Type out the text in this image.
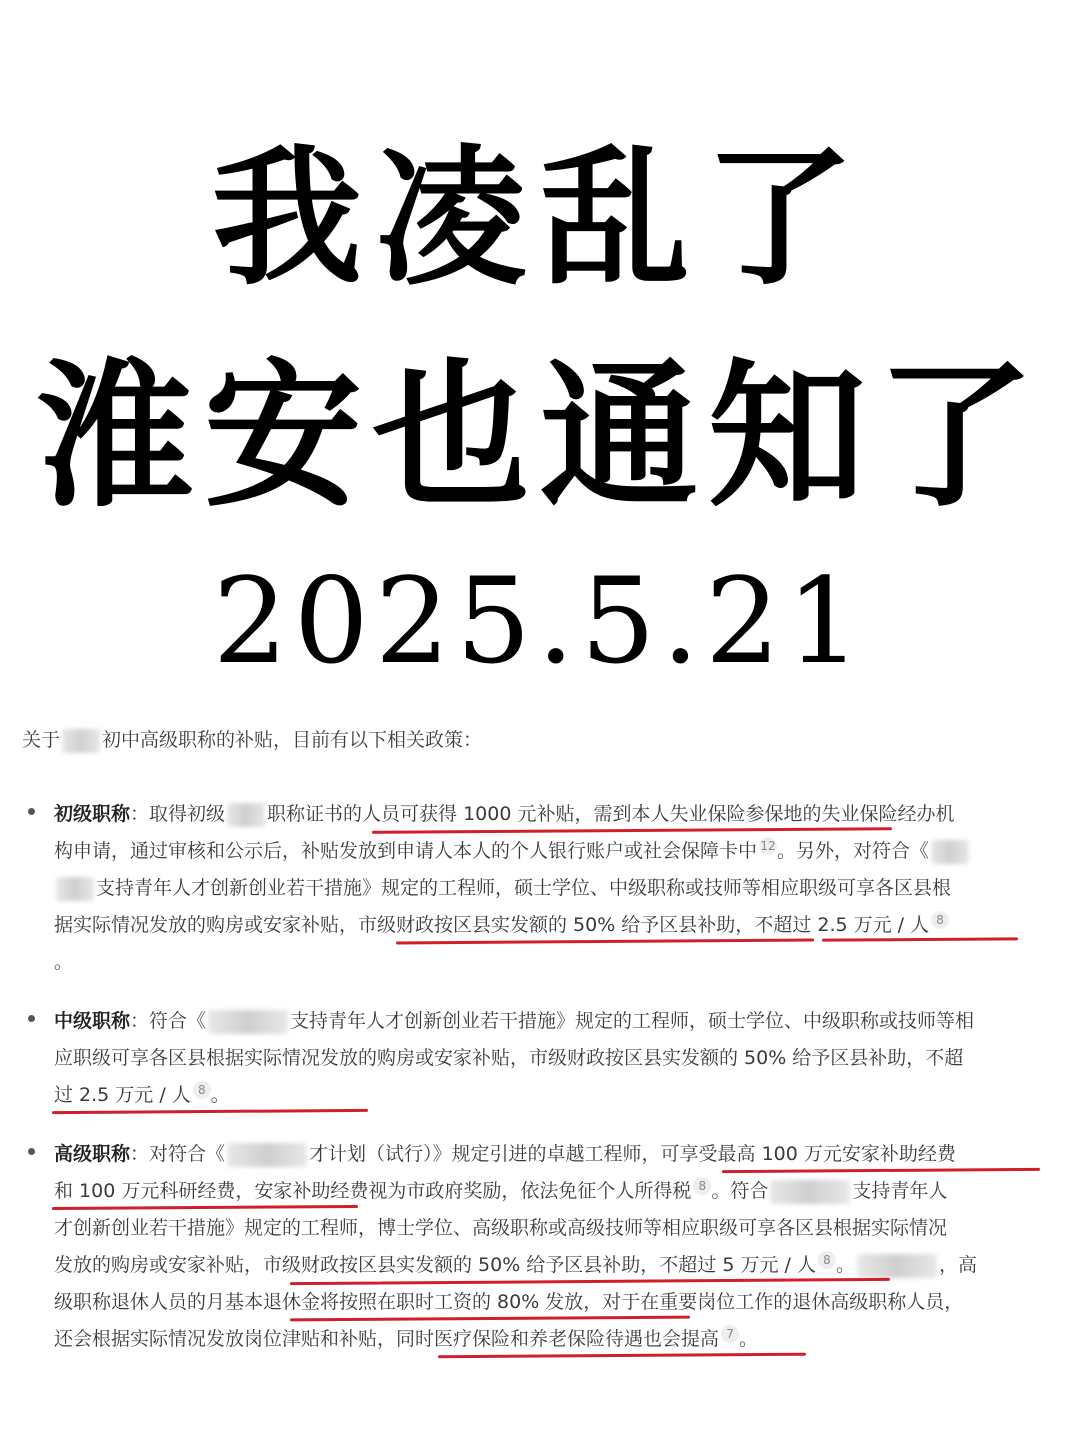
我凌乱了
淮安也通知了
2025.5.21
关于 初中高级职称的补贴，目前有以下相关政策：
初级职称：取得初级 职称证书的人员可获得 1000 元补贴，需到本人失业保险参保地的失业保险经办机
构申请，通过审核和公示后，补贴发放到申请人本人的个人银行账户或社会保障卡中 12。另外，对符合《
支持青年人才创新创业若干措施》规定的工程师，硕士学位、中级职称或技师等相应职级可享各区县根
据实际情况发放的购房或安家补贴，市级财政按区县实发额的 50% 给予区县补助，不超过 2.5 万元 / 人 8
。
中级职称：符合《	支持青年人才创新创业若干措施》规定的工程师，硕士学位、中级职称或技师等相
应职级可享各区县根据实际情况发放的购房或安家补贴，市级财政按区县实发额的 50% 给予区县补助，不超
过 2.5 万元 / 人 8 。
高级职称：对符合《	才计划（试行）》规定引进的卓越工程师，可享受最高 100 万元安家补助经费
和 100 万元科研经费，安家补助经费视为市政府奖励，依法免征个人所得税 8 。符合	支持青年人
才创新创业若干措施》规定的工程师，博士学位、高级职称或高级技师等相应职级可享各区县根据实际情况
发放的购房或安家补贴，市级财政按区县实发额的 50% 给予区县补助，不超过 5 万元 / 人 8 。	，高
级职称退休人员的月基本退休金将按照在职时工资的 80% 发放，对于在重要岗位工作的退休高级职称人员，
还会根据实际情况发放岗位津贴和补贴，同时医疗保险和养老保险待遇也会提高 7 。
